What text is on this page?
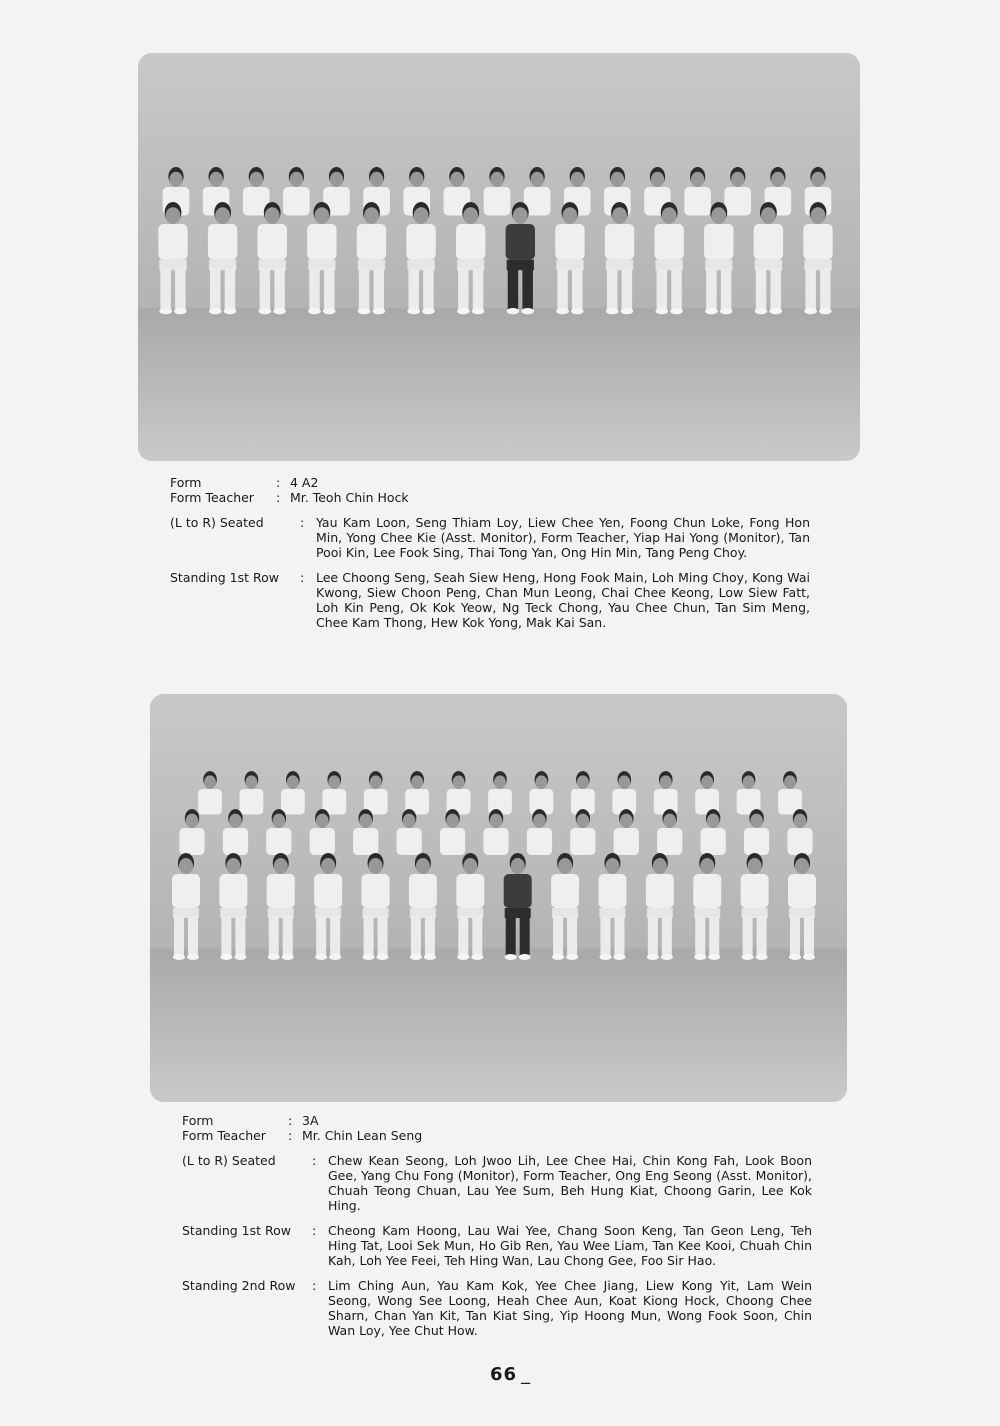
Form	: 4 A2
Form Teacher	: Mr. Teoh Chin Hock
(L to R) Seated	: Yau Kam Loon, Seng Thiam Loy, Liew Chee Yen, Foong Chun Loke, Fong Hon Min, Yong Chee Kie (Asst. Monitor), Form Teacher, Yiap Hai Yong (Monitor), Tan Pooi Kin, Lee Fook Sing, Thai Tong Yan, Ong Hin Min, Tang Peng Choy.
Standing 1st Row	: Lee Choong Seng, Seah Siew Heng, Hong Fook Main, Loh Ming Choy, Kong Wai Kwong, Siew Choon Peng, Chan Mun Leong, Chai Chee Keong, Low Siew Fatt, Loh Kin Peng, Ok Kok Yeow, Ng Teck Chong, Yau Chee Chun, Tan Sim Meng, Chee Kam Thong, Hew Kok Yong, Mak Kai San.
Form	: 3A
Form Teacher	: Mr. Chin Lean Seng
(L to R) Seated	: Chew Kean Seong, Loh Jwoo Lih, Lee Chee Hai, Chin Kong Fah, Look Boon Gee, Yang Chu Fong (Monitor), Form Teacher, Ong Eng Seong (Asst. Monitor), Chuah Teong Chuan, Lau Yee Sum, Beh Hung Kiat, Choong Garin, Lee Kok Hing.
Standing 1st Row	: Cheong Kam Hoong, Lau Wai Yee, Chang Soon Keng, Tan Geon Leng, Teh Hing Tat, Looi Sek Mun, Ho Gib Ren, Yau Wee Liam, Tan Kee Kooi, Chuah Chin Kah, Loh Yee Feei, Teh Hing Wan, Lau Chong Gee, Foo Sir Hao.
Standing 2nd Row	: Lim Ching Aun, Yau Kam Kok, Yee Chee Jiang, Liew Kong Yit, Lam Wein Seong, Wong See Loong, Heah Chee Aun, Koat Kiong Hock, Choong Chee Sharn, Chan Yan Kit, Tan Kiat Sing, Yip Hoong Mun, Wong Fook Soon, Chin Wan Loy, Yee Chut How.
66 _
